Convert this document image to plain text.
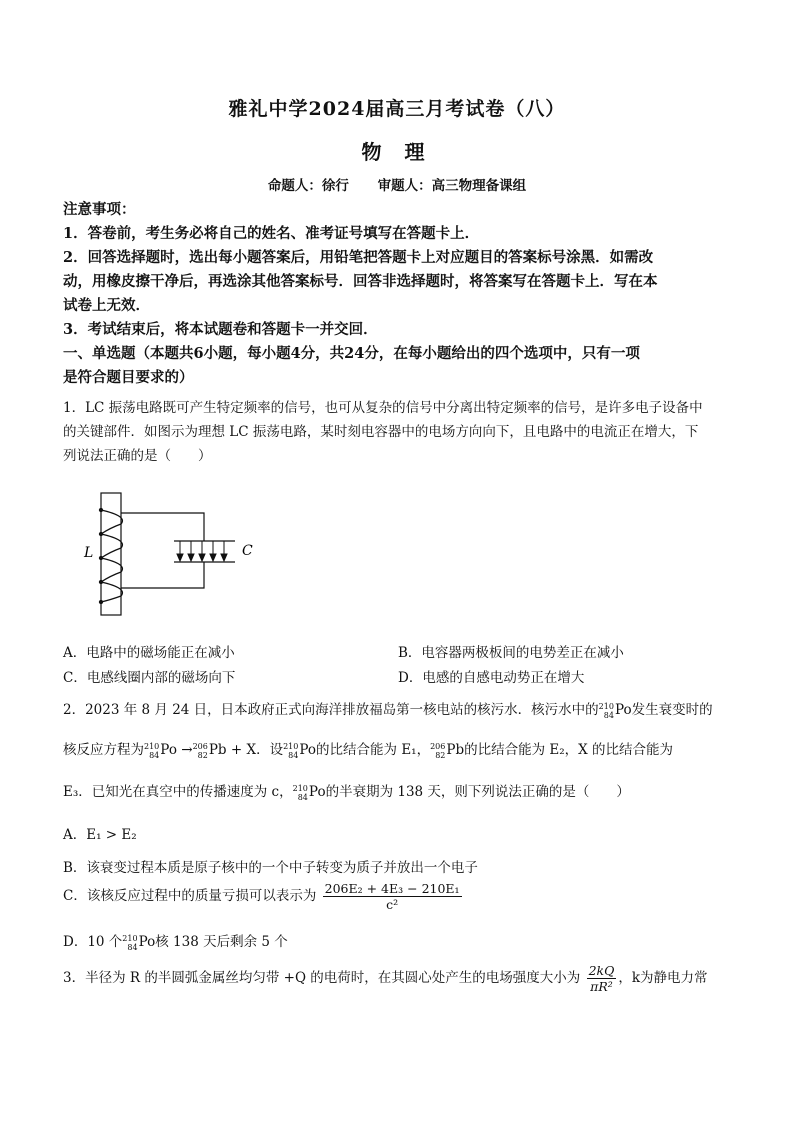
雅礼中学2024届高三月考试卷（八）
物 理
命题人：徐行 审题人：高三物理备课组
注意事项：
1．答卷前，考生务必将自己的姓名、准考证号填写在答题卡上．
2．回答选择题时，选出每小题答案后，用铅笔把答题卡上对应题目的答案标号涂黑．如需改
动，用橡皮擦干净后，再选涂其他答案标号．回答非选择题时，将答案写在答题卡上．写在本
试卷上无效．
3．考试结束后，将本试题卷和答题卡一并交回．
一、单选题（本题共6小题，每小题4分，共24分，在每小题给出的四个选项中，只有一项
是符合题目要求的）
1．LC 振荡电路既可产生特定频率的信号，也可从复杂的信号中分离出特定频率的信号，是许多电子设备中
的关键部件．如图示为理想 LC 振荡电路，某时刻电容器中的电场方向向下，且电路中的电流正在增大，下
列说法正确的是（　　）
L	C
A．电路中的磁场能正在减小	B．电容器两极板间的电势差正在减小
C．电感线圈内部的磁场向下	D．电感的自感电动势正在增大
2．2023 年 8 月 24 日，日本政府正式向海洋排放福岛第一核电站的核污水．核污水中的 210
84 Po发生衰变时的
核反应方程为 210
84 Po → 206
82 Pb + X．设 210
84 Po的比结合能为 E₁， 206
82 Pb的比结合能为 E₂，X 的比结合能为
E₃．已知光在真空中的传播速度为 c， 210
84 Po的半衰期为 138 天，则下列说法正确的是（　　）
A．E₁ > E₂
B．该衰变过程本质是原子核中的一个中子转变为质子并放出一个电子
C．该核反应过程中的质量亏损可以表示为 $\frac{\text{206E₂ + 4E₃ − 210E₁}}{\text{c²}}$
D．10 个 210
84 Po核 138 天后剩余 5 个
3．半径为 R 的半圆弧金属丝均匀带 +Q 的电荷时，在其圆心处产生的电场强度大小为 $\frac{2kQ}{\text{πR²}}$ ，k为静电力常
